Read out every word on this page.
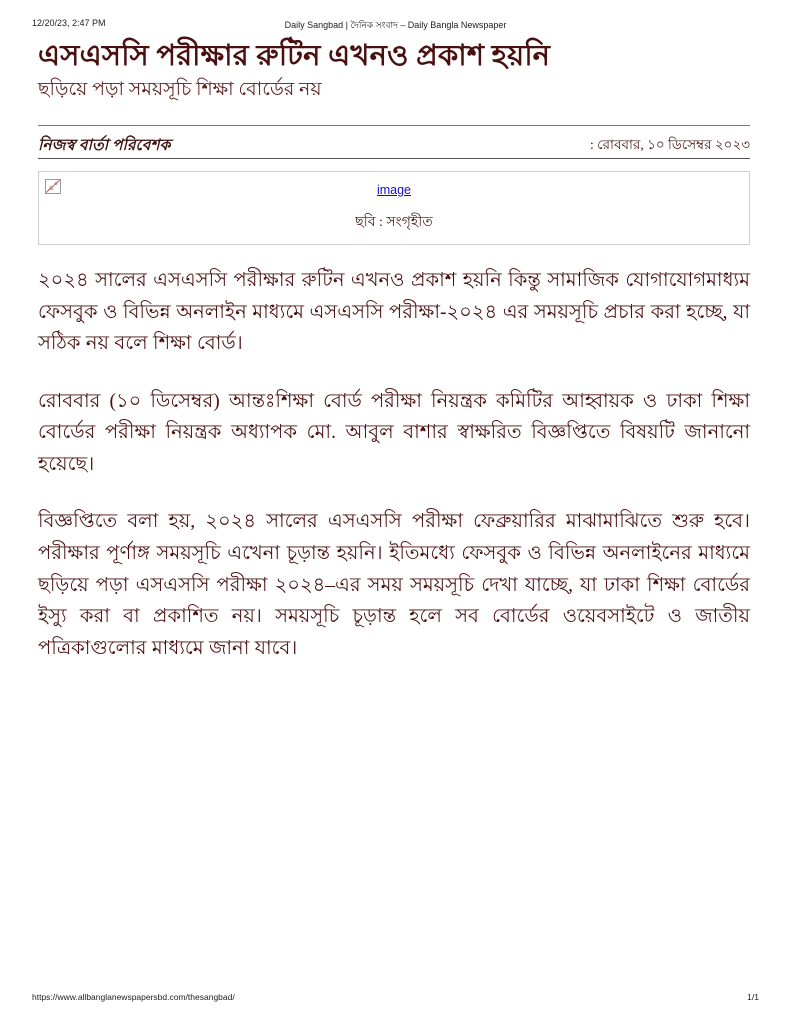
12/20/23, 2:47 PM	Daily Sangbad | দৈনিক সংবাদ – Daily Bangla Newspaper
এসএসসি পরীক্ষার রুটিন এখনও প্রকাশ হয়নি
ছড়িয়ে পড়া সময়সূচি শিক্ষা বোর্ডের নয়
নিজস্ব বার্তা পরিবেশক	: রোববার, ১০ ডিসেম্বর ২০২৩
image
ছবি : সংগৃহীত

২০২৪ সালের এসএসসি পরীক্ষার রুটিন এখনও প্রকাশ হয়নি কিন্তু সামাজিক যোগাযোগমাধ্যম ফেসবুক ও বিভিন্ন অনলাইন মাধ্যমে এসএসসি পরীক্ষা-২০২৪ এর সময়সূচি প্রচার করা হচ্ছে, যা সঠিক নয় বলে শিক্ষা বোর্ড।

রোববার (১০ ডিসেম্বর) আন্তঃশিক্ষা বোর্ড পরীক্ষা নিয়ন্ত্রক কমিটির আহ্বায়ক ও ঢাকা শিক্ষা বোর্ডের পরীক্ষা নিয়ন্ত্রক অধ্যাপক মো. আবুল বাশার স্বাক্ষরিত বিজ্ঞপ্তিতে বিষয়টি জানানো হয়েছে।

বিজ্ঞপ্তিতে বলা হয়, ২০২৪ সালের এসএসসি পরীক্ষা ফেব্রুয়ারির মাঝামাঝিতে শুরু হবে। পরীক্ষার পূর্ণাঙ্গ সময়সূচি এখেনা চূড়ান্ত হয়নি। ইতিমধ্যে ফেসবুক ও বিভিন্ন অনলাইনের মাধ্যমে ছড়িয়ে পড়া এসএসসি পরীক্ষা ২০২৪–এর সময় সময়সূচি দেখা যাচ্ছে, যা ঢাকা শিক্ষা বোর্ডের ইস্যু করা বা প্রকাশিত নয়। সময়সূচি চূড়ান্ত হলে সব বোর্ডের ওয়েবসাইটে ও জাতীয় পত্রিকাগুলোর মাধ্যমে জানা যাবে।

https://www.allbanglanewspapersbd.com/thesangbad/	1/1
